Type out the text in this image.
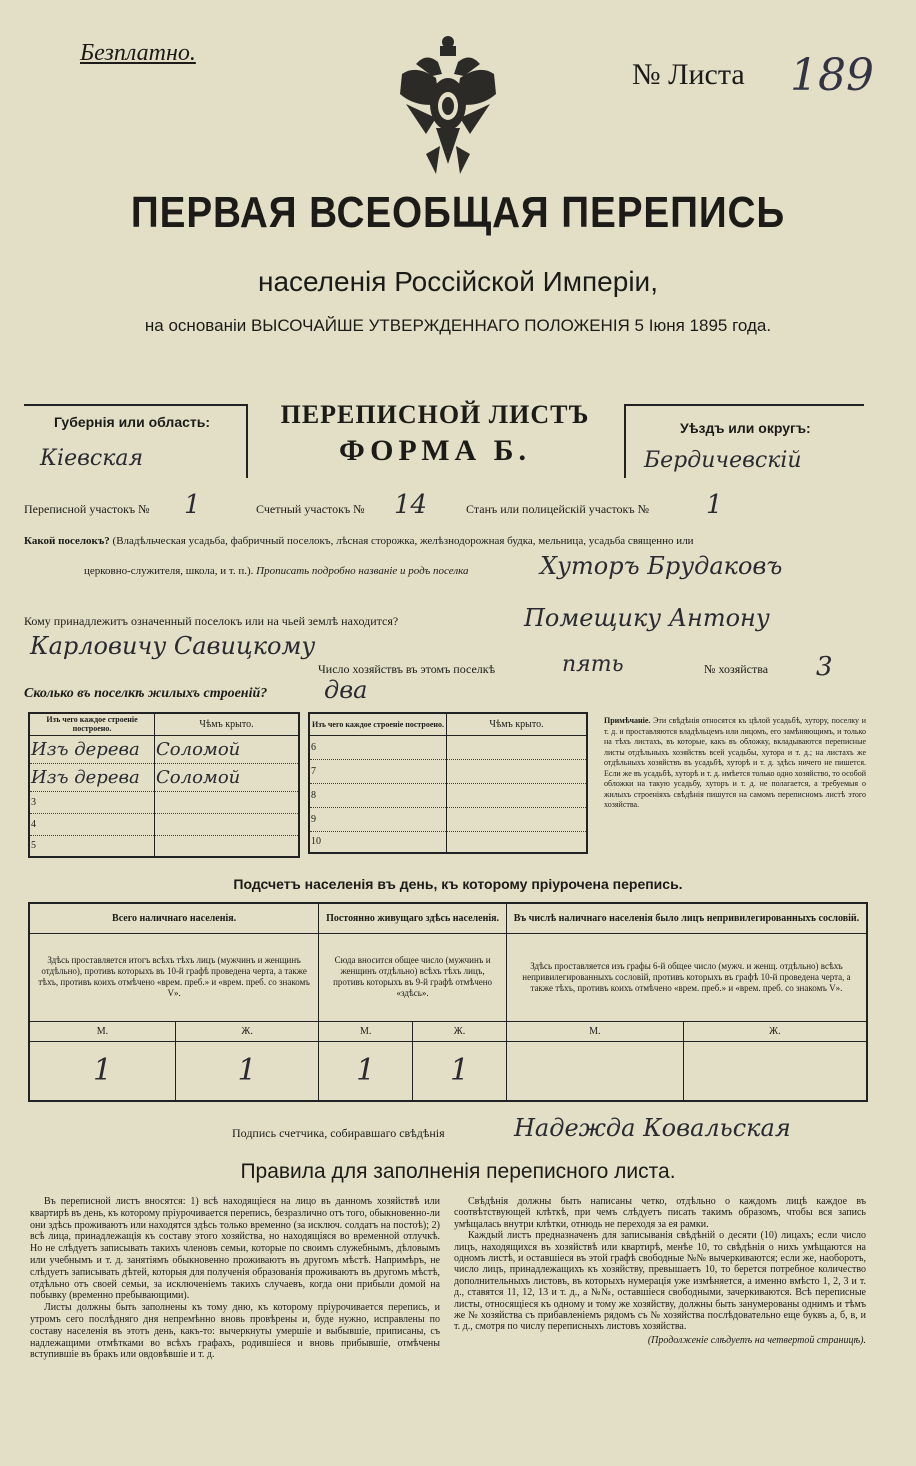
Безплатно.
№ Листа 189
ПЕРВАЯ ВСЕОБЩАЯ ПЕРЕПИСЬ
населенія Россійской Имперіи,
на основаніи ВЫСОЧАЙШЕ УТВЕРЖДЕННАГО ПОЛОЖЕНІЯ 5 Іюня 1895 года.
Губернія или область:
Кіевская
ПЕРЕПИСНОЙ ЛИСТЪ
ФОРМА Б.
Уѣздъ или округъ:
Бердичевскій
Переписной участокъ № 1	Счетный участокъ № 14	Станъ или полицейскій участокъ № 1
Какой поселокъ? (Владѣльческая усадьба, фабричный поселокъ, лѣсная сторожка, желѣзнодорожная будка, мельница, усадьба священно или
церковно-служителя, школа, и т. п.). Прописать подробно названіе и родъ поселка	Хуторъ Брудаковъ
Кому принадлежитъ означенный поселокъ или на чьей землѣ находится?	Помещику Антону
Карловичу Савицкому
Число хозяйствъ въ этомъ поселкѣ	пять	№ хозяйства 3
Сколько въ поселкѣ жилыхъ строеній? два
Изъ чего каждое строеніе построено.	Чѣмъ крыто.
Изъ дерева	Соломой
Изъ дерева	Соломой
3	
4	
5	
Изъ чего каждое строеніе построено.	Чѣмъ крыто.
6	
7	
8	
9	
10	
Примѣчаніе. Эти свѣдѣнія относятся къ цѣлой усадьбѣ, хутору, поселку и т. д. и проставляются владѣльцемъ или лицомъ, его замѣняющимъ, и только на тѣхъ листахъ, въ которые, какъ въ обложку, вкладываются переписные листы отдѣльныхъ хозяйствъ всей усадьбы, хутора и т. д.; на листахъ же отдѣльныхъ хозяйствъ въ усадьбѣ, хуторѣ и т. д. здѣсь ничего не пишется. Если же въ усадьбѣ, хуторѣ и т. д. имѣется только одно хозяйство, то особой обложки на такую усадьбу, хуторъ и т. д. не полагается, а требуемыя о жилыхъ строеніяхъ свѣдѣнія пишутся на самомъ переписномъ листѣ этого хозяйства.
Подсчетъ населенія въ день, къ которому пріурочена перепись.
Всего наличнаго населенія.		Постоянно живущаго здѣсь населенія.		Въ числѣ наличнаго населенія было лицъ непривилегированныхъ сословій.	
Здѣсь проставляется итогъ всѣхъ тѣхъ лицъ (мужчинъ и женщинъ отдѣльно), противъ которыхъ въ 10-й графѣ проведена черта, а также тѣхъ, противъ коихъ отмѣчено «врем. преб.» и «врем. преб. со знакомъ V».		Сюда вносится общее число (мужчинъ и женщинъ отдѣльно) всѣхъ тѣхъ лицъ, противъ которыхъ въ 9-й графѣ отмѣчено «здѣсь».		Здѣсь проставляется изъ графы 6-й общее число (мужч. и женщ. отдѣльно) всѣхъ непривилегированныхъ сословій, противъ которыхъ въ графѣ 10-й проведена черта, а также тѣхъ, противъ коихъ отмѣчено «врем. преб.» и «врем. преб. со знакомъ V».	
М.	Ж.	М.	Ж.	М.	Ж.
1	1	1	1		
Подпись счетчика, собиравшаго свѣдѣнія	Надежда Ковальская
Правила для заполненія переписного листа.
Въ переписной листъ вносятся: 1) всѣ находящіеся на лицо въ данномъ хозяйствѣ или квартирѣ въ день, къ которому пріурочивается перепись, безразлично отъ того, обыкновенно-ли они здѣсь проживаютъ или находятся здѣсь только временно (за исключ. солдатъ на постоѣ); 2) всѣ лица, принадлежащія къ составу этого хозяйства, но находящіяся во временной отлучкѣ. Но не слѣдуетъ записывать такихъ членовъ семьи, которые по своимъ служебнымъ, дѣловымъ или учебнымъ и т. д. занятіямъ обыкновенно проживаютъ въ другомъ мѣстѣ. Напримѣръ, не слѣдуетъ записывать дѣтей, которыя для полученія образованія проживаютъ въ другомъ мѣстѣ, отдѣльно отъ своей семьи, за исключеніемъ такихъ случаевъ, когда они прибыли домой на побывку (временно пребывающими).
Листы должны быть заполнены къ тому дню, къ которому пріурочивается перепись, и утромъ сего послѣдняго дня непремѣнно вновь провѣрены и, буде нужно, исправлены по составу населенія въ этотъ день, какъ-то: вычеркнуты умершіе и выбывшіе, приписаны, съ надлежащими отмѣтками во всѣхъ графахъ, родившіеся и вновь прибывшіе, отмѣчены вступившіе въ бракъ или овдовѣвшіе и т. д.
Свѣдѣнія должны быть написаны четко, отдѣльно о каждомъ лицѣ каждое въ соотвѣтствующей клѣткѣ, при чемъ слѣдуетъ писать такимъ образомъ, чтобы вся запись умѣщалась внутри клѣтки, отнюдь не переходя за ея рамки.
Каждый листъ предназначенъ для записыванія свѣдѣній о десяти (10) лицахъ; если число лицъ, находящихся въ хозяйствѣ или квартирѣ, менѣе 10, то свѣдѣнія о нихъ умѣщаются на одномъ листѣ, и оставшіеся въ этой графѣ свободные №№ вычеркиваются; если же, наоборотъ, число лицъ, принадлежащихъ къ хозяйству, превышаетъ 10, то берется потребное количество дополнительныхъ листовъ, въ которыхъ нумерація уже измѣняется, а именно вмѣсто 1, 2, 3 и т. д., ставятся 11, 12, 13 и т. д., а №№, оставшіеся свободными, зачеркиваются. Всѣ переписные листы, относящіеся къ одному и тому же хозяйству, должны быть занумерованы однимъ и тѣмъ же № хозяйства съ прибавленіемъ рядомъ съ № хозяйства послѣдовательно еще буквъ а, б, в, и т. д., смотря по числу переписныхъ листовъ хозяйства.
(Продолженіе слѣдуетъ на четвертой страницѣ).
